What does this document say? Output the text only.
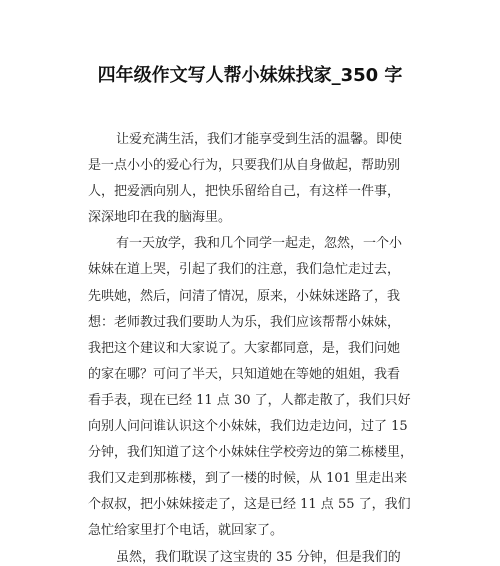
四年级作文写人帮小妹妹找家_350 字
让爱充满生活，我们才能享受到生活的温馨。即使
是一点小小的爱心行为，只要我们从自身做起，帮助别
人，把爱洒向别人，把快乐留给自己，有这样一件事，
深深地印在我的脑海里。
有一天放学，我和几个同学一起走，忽然，一个小
妹妹在道上哭，引起了我们的注意，我们急忙走过去，
先哄她，然后，问清了情况，原来，小妹妹迷路了，我
想：老师教过我们要助人为乐，我们应该帮帮小妹妹，
我把这个建议和大家说了。大家都同意，是，我们问她
的家在哪？可问了半天，只知道她在等她的姐姐，我看
看手表，现在已经 11 点 30 了，人都走散了，我们只好
向别人问问谁认识这个小妹妹，我们边走边问，过了 15
分钟，我们知道了这个小妹妹住学校旁边的第二栋楼里，
我们又走到那栋楼，到了一楼的时候，从 101 里走出来
个叔叔，把小妹妹接走了，这是已经 11 点 55 了，我们
急忙给家里打个电话，就回家了。
虽然，我们耽误了这宝贵的 35 分钟，但是我们的
